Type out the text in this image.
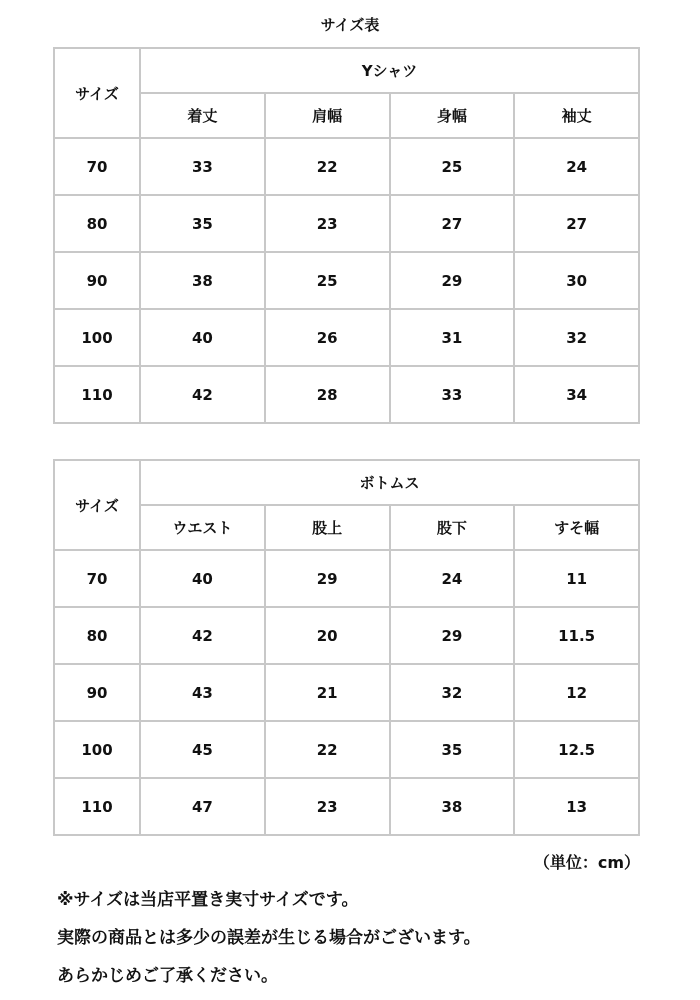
サイズ表
サイズ	Yシャツ			
	着丈	肩幅	身幅	袖丈
70	33	22	25	24
80	35	23	27	27
90	38	25	29	30
100	40	26	31	32
110	42	28	33	34
サイズ	ボトムス			
	ウエスト	股上	股下	すそ幅
70	40	29	24	11
80	42	20	29	11.5
90	43	21	32	12
100	45	22	35	12.5
110	47	23	38	13
（単位：cm）
※サイズは当店平置き実寸サイズです。
実際の商品とは多少の誤差が生じる場合がございます。
あらかじめご了承ください。
